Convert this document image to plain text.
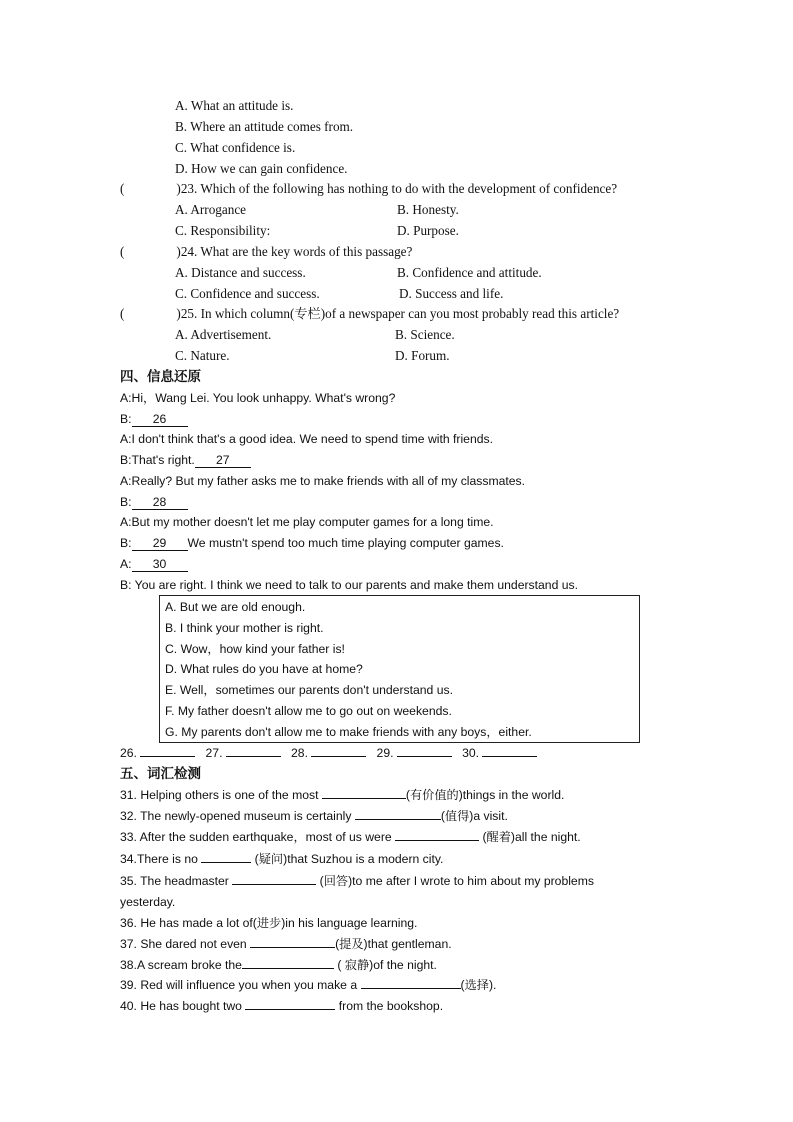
A. What an attitude is.
B. Where an attitude comes from.
C. What confidence is.
D. How we can gain confidence.
(	)23. Which of the following has nothing to do with the development of confidence?
A. Arrogance	B. Honesty.
C. Responsibility:	D. Purpose.
(	)24. What are the key words of this passage?
A. Distance and success.	B. Confidence and attitude.
C. Confidence and success.	D. Success and life.
(	)25. In which column(专栏)of a newspaper can you most probably read this article?
A. Advertisement.	B. Science.
C. Nature.	D. Forum.
四、信息还原
A:Hi，Wang Lei. You look unhappy. What's wrong?
B: 26
A:I don't think that's a good idea. We need to spend time with friends.
B:That's right. 27
A:Really? But my father asks me to make friends with all of my classmates.
B: 28
A:But my mother doesn't let me play computer games for a long time.
B: 29 We mustn't spend too much time playing computer games.
A: 30
B: You are right. I think we need to talk to our parents and make them understand us.
A. But we are old enough.
B. I think your mother is right.
C. Wow，how kind your father is!
D. What rules do you have at home?
E. Well，sometimes our parents don't understand us.
F. My father doesn't allow me to go out on weekends.
G. My parents don't allow me to make friends with any boys，either.
26.	27.	28.	29.	30.
五、词汇检测
31. Helping others is one of the most	(有价值的)things in the world.
32. The newly-opened museum is certainly	(值得)a visit.
33. After the sudden earthquake，most of us were	(醒着)all the night.
34.There is no	(疑问)that Suzhou is a modern city.
35. The headmaster	(回答)to me after I wrote to him about my problems
yesterday.
36. He has made a lot of(进步)in his language learning.
37. She dared not even	(提及)that gentleman.
38.A scream broke the	( 寂静)of the night.
39. Red will influence you when you make a	(选择).
40. He has bought two	from the bookshop.
